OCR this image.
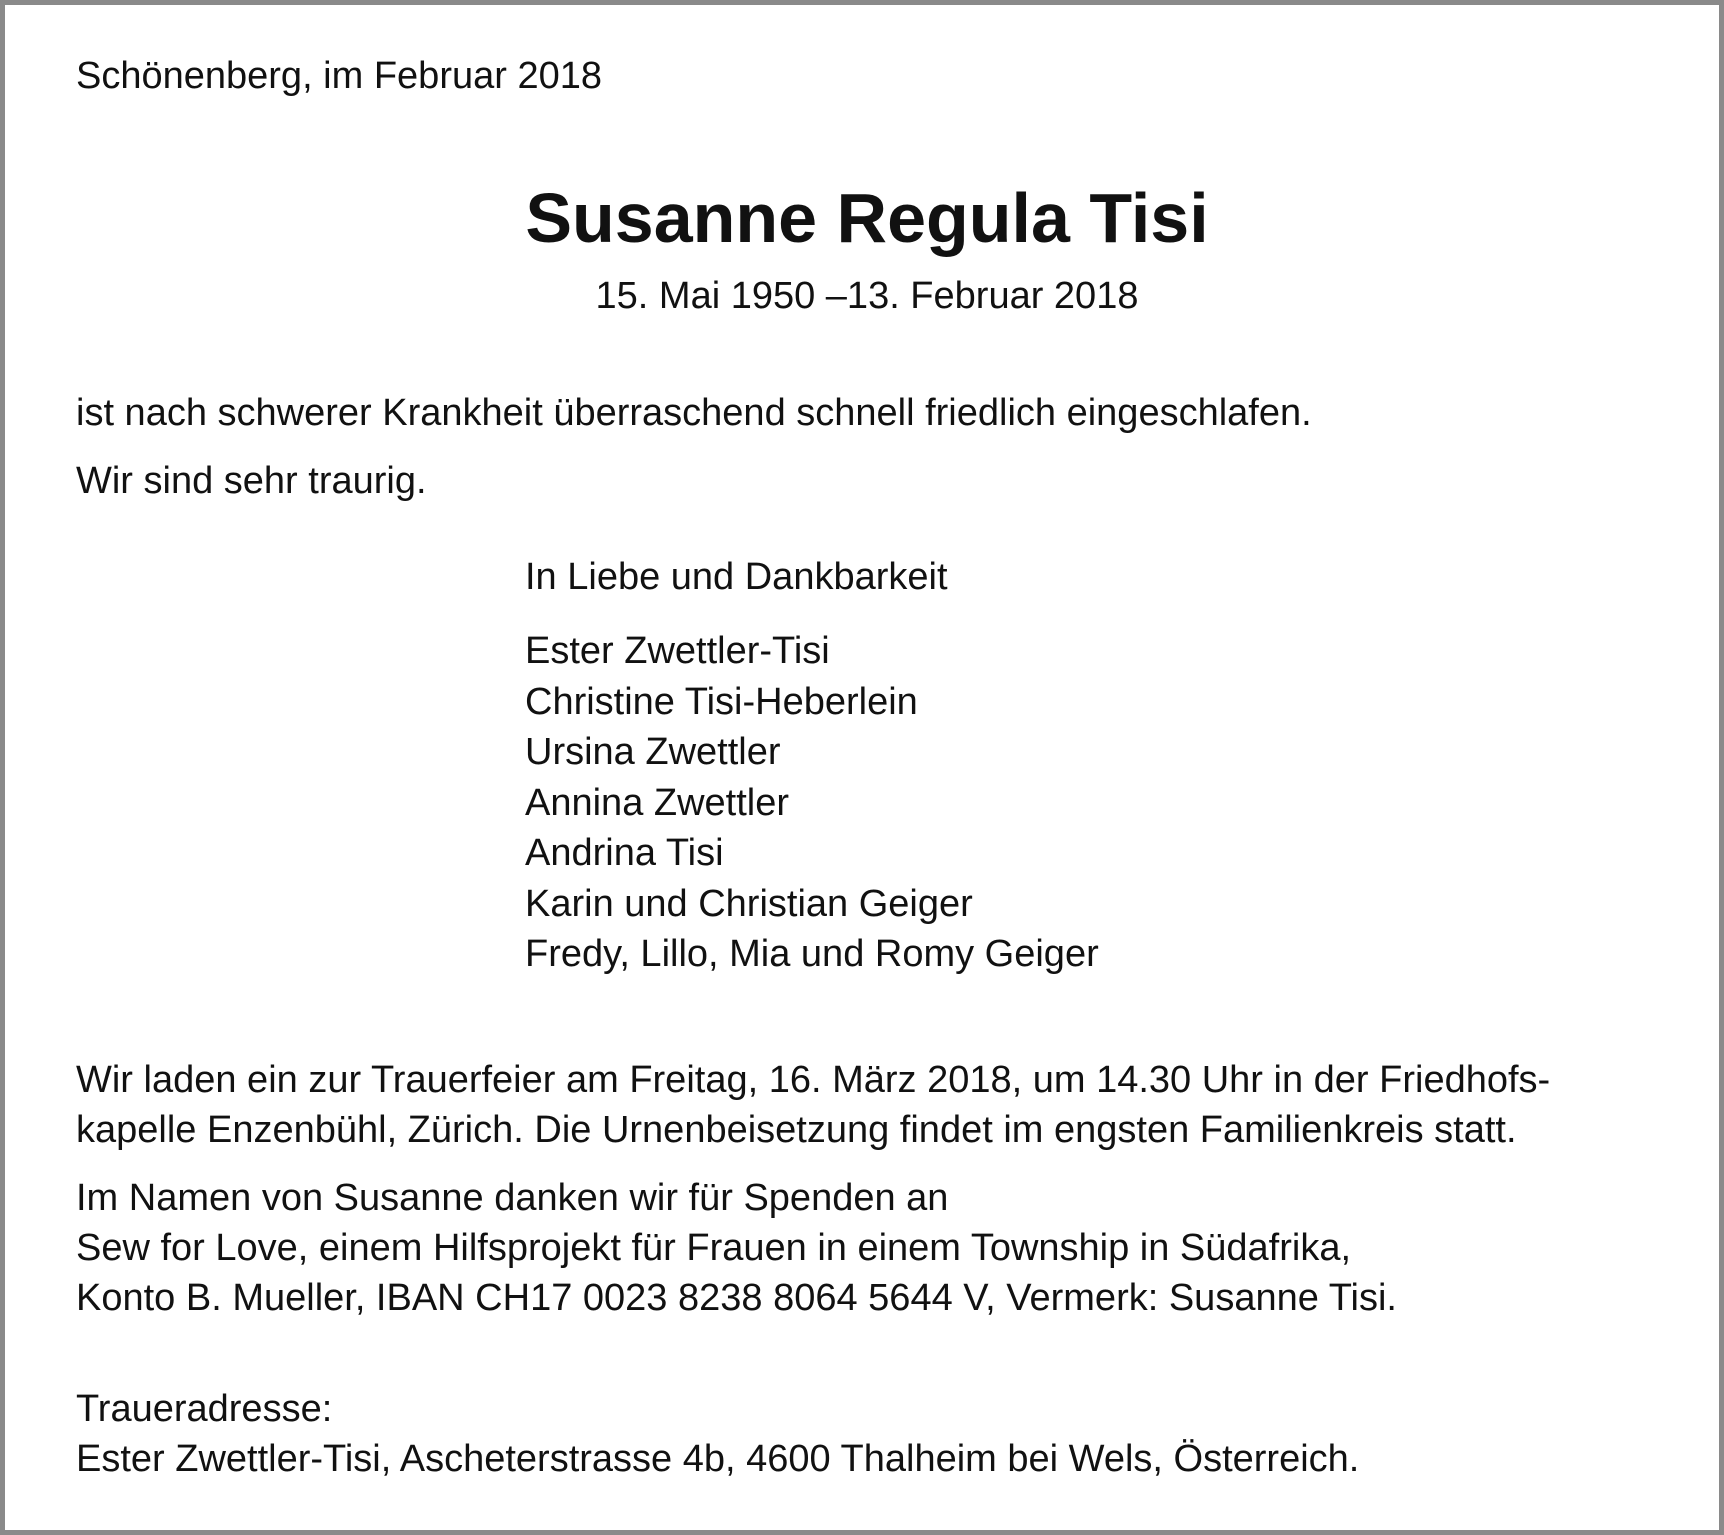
Schönenberg, im Februar 2018
Susanne Regula Tisi
15. Mai 1950 –13. Februar 2018

ist nach schwerer Krankheit überraschend schnell friedlich eingeschlafen.

Wir sind sehr traurig.

In Liebe und Dankbarkeit

Ester Zwettler-Tisi
Christine Tisi-Heberlein
Ursina Zwettler
Annina Zwettler
Andrina Tisi
Karin und Christian Geiger
Fredy, Lillo, Mia und Romy Geiger

Wir laden ein zur Trauerfeier am Freitag, 16. März 2018, um 14.30 Uhr in der Friedhofs-
kapelle Enzenbühl, Zürich. Die Urnenbeisetzung findet im engsten Familienkreis statt.

Im Namen von Susanne danken wir für Spenden an
Sew for Love, einem Hilfsprojekt für Frauen in einem Township in Südafrika,
Konto B. Mueller, IBAN CH17 0023 8238 8064 5644 V, Vermerk: Susanne Tisi.

Traueradresse:
Ester Zwettler-Tisi, Ascheterstrasse 4b, 4600 Thalheim bei Wels, Österreich.
